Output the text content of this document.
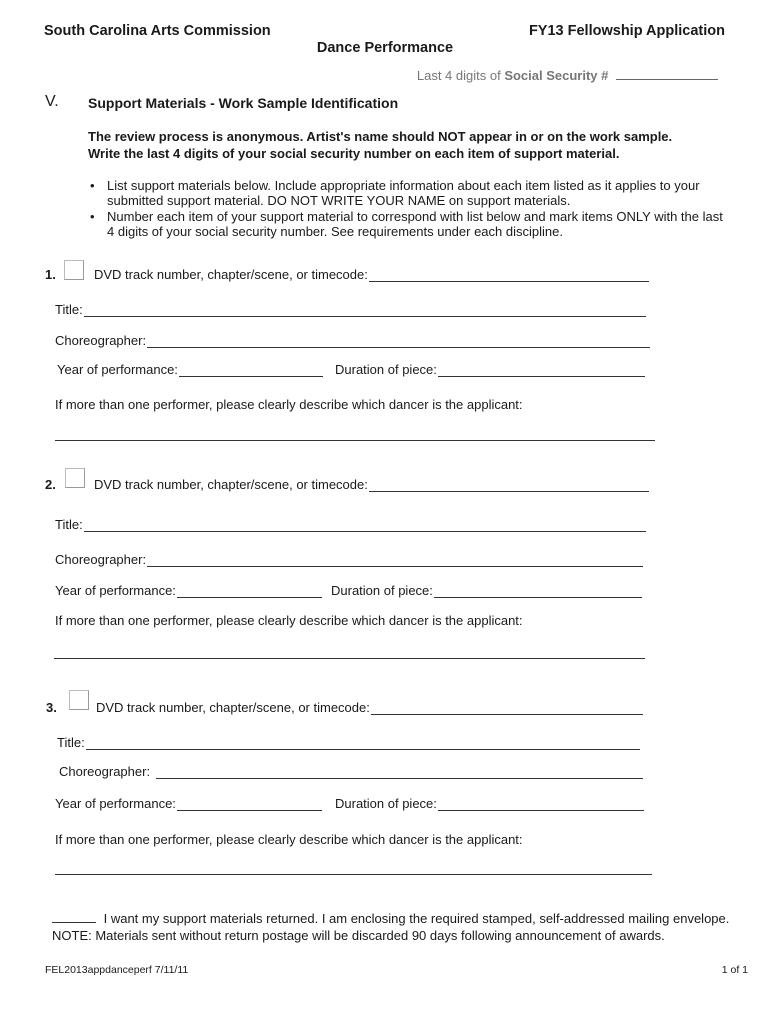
South Carolina Arts Commission	FY13 Fellowship Application
Dance Performance
Last 4 digits of Social Security #
V. Support Materials - Work Sample Identification
The review process is anonymous. Artist's name should NOT appear in or on the work sample.
Write the last 4 digits of your social security number on each item of support material.
• List support materials below. Include appropriate information about each item listed as it applies to your submitted support material. DO NOT WRITE YOUR NAME on support materials.
• Number each item of your support material to correspond with list below and mark items ONLY with the last 4 digits of your social security number. See requirements under each discipline.
1.	DVD track number, chapter/scene, or timecode:
Title:
Choreographer:
Year of performance:	Duration of piece:
If more than one performer, please clearly describe which dancer is the applicant:
2.	DVD track number, chapter/scene, or timecode:
Title:
Choreographer:
Year of performance:	Duration of piece:
If more than one performer, please clearly describe which dancer is the applicant:
3.	DVD track number, chapter/scene, or timecode:
Title:
Choreographer:
Year of performance:	Duration of piece:
If more than one performer, please clearly describe which dancer is the applicant:
I want my support materials returned. I am enclosing the required stamped, self-addressed mailing envelope.
NOTE: Materials sent without return postage will be discarded 90 days following announcement of awards.
FEL2013appdanceperf 7/11/11	1 of 1
